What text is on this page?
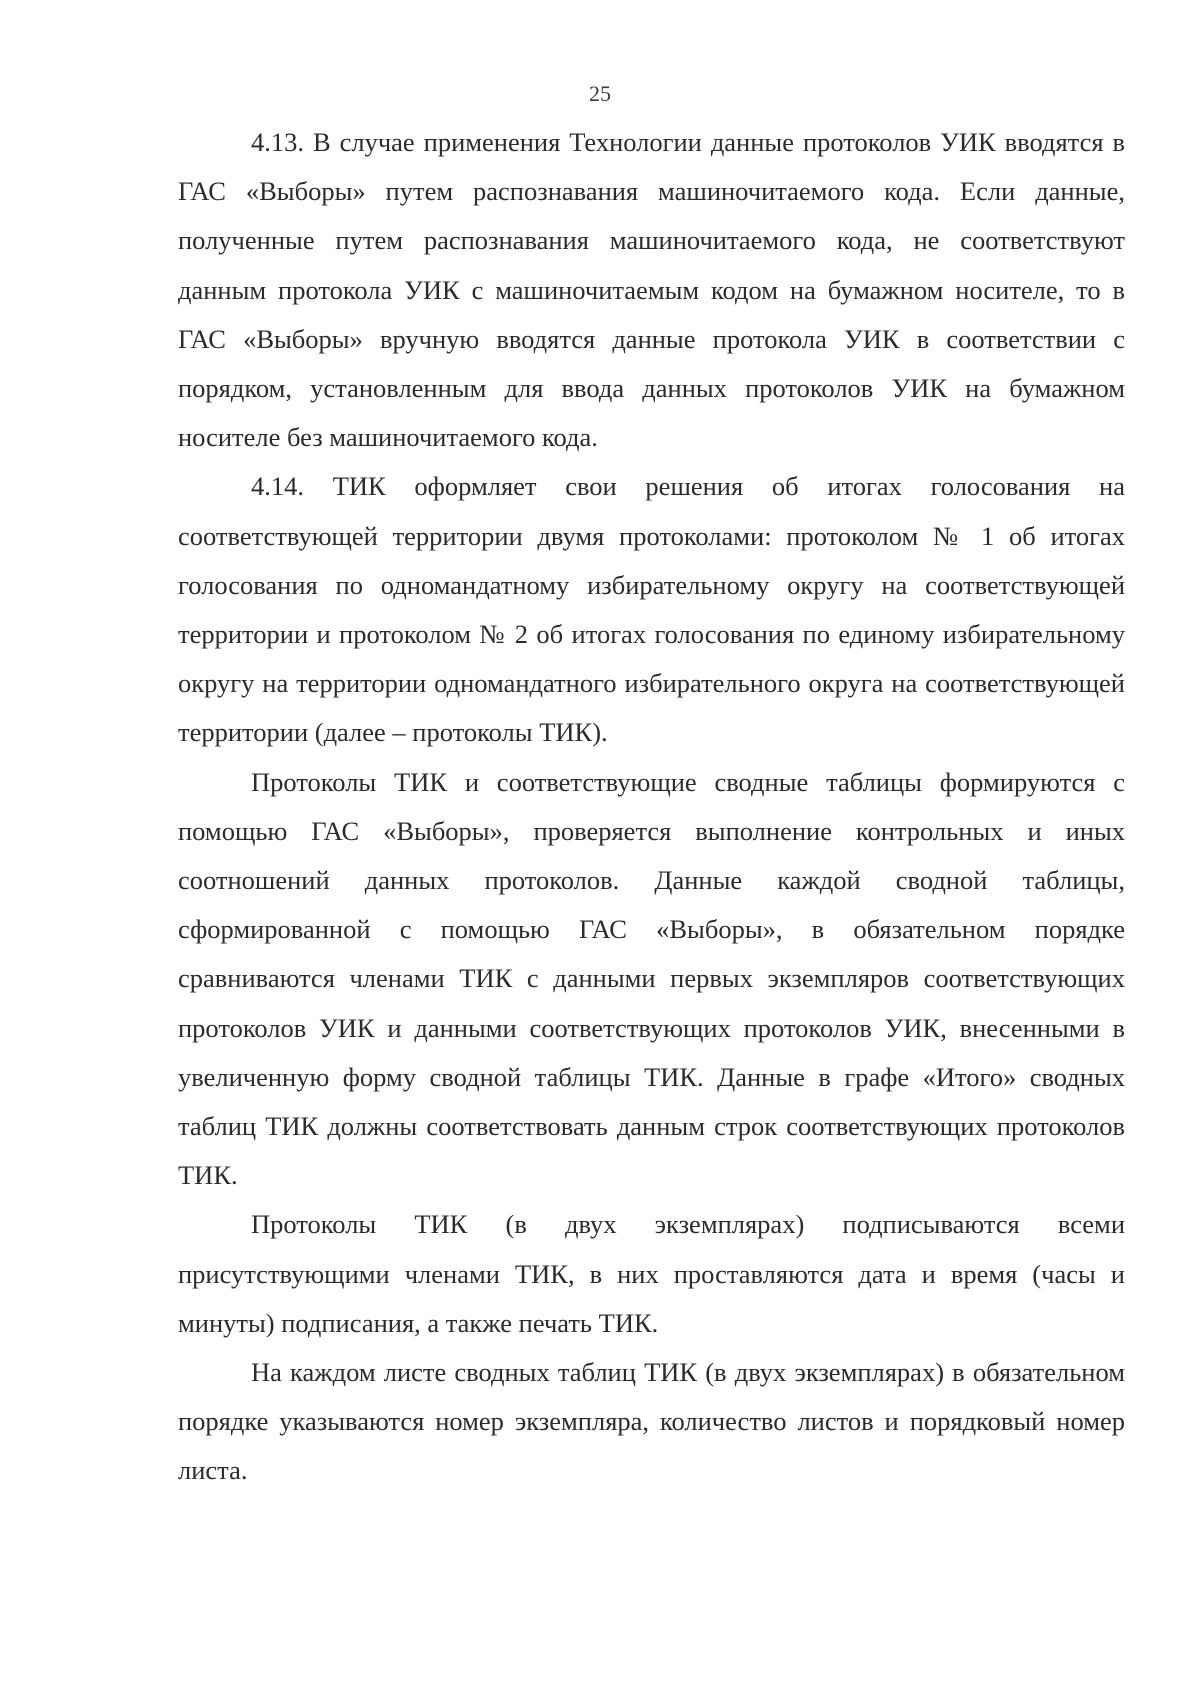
25

4.13. В случае применения Технологии данные протоколов УИК вводятся в ГАС «Выборы» путем распознавания машиночитаемого кода. Если данные, полученные путем распознавания машиночитаемого кода, не соответствуют данным протокола УИК с машиночитаемым кодом на бумажном носителе, то в ГАС «Выборы» вручную вводятся данные протокола УИК в соответствии с порядком, установленным для ввода данных протоколов УИК на бумажном носителе без машиночитаемого кода.

4.14. ТИК оформляет свои решения об итогах голосования на соответствующей территории двумя протоколами: протоколом № 1 об итогах голосования по одномандатному избирательному округу на соответствующей территории и протоколом № 2 об итогах голосования по единому избирательному округу на территории одномандатного избирательного округа на соответствующей территории (далее – протоколы ТИК).

Протоколы ТИК и соответствующие сводные таблицы формируются с помощью ГАС «Выборы», проверяется выполнение контрольных и иных соотношений данных протоколов. Данные каждой сводной таблицы, сформированной с помощью ГАС «Выборы», в обязательном порядке сравниваются членами ТИК с данными первых экземпляров соответствующих протоколов УИК и данными соответствующих протоколов УИК, внесенными в увеличенную форму сводной таблицы ТИК. Данные в графе «Итого» сводных таблиц ТИК должны соответствовать данным строк соответствующих протоколов ТИК.

Протоколы ТИК (в двух экземплярах) подписываются всеми присутствующими членами ТИК, в них проставляются дата и время (часы и минуты) подписания, а также печать ТИК.

На каждом листе сводных таблиц ТИК (в двух экземплярах) в обязательном порядке указываются номер экземпляра, количество листов и порядковый номер листа.
